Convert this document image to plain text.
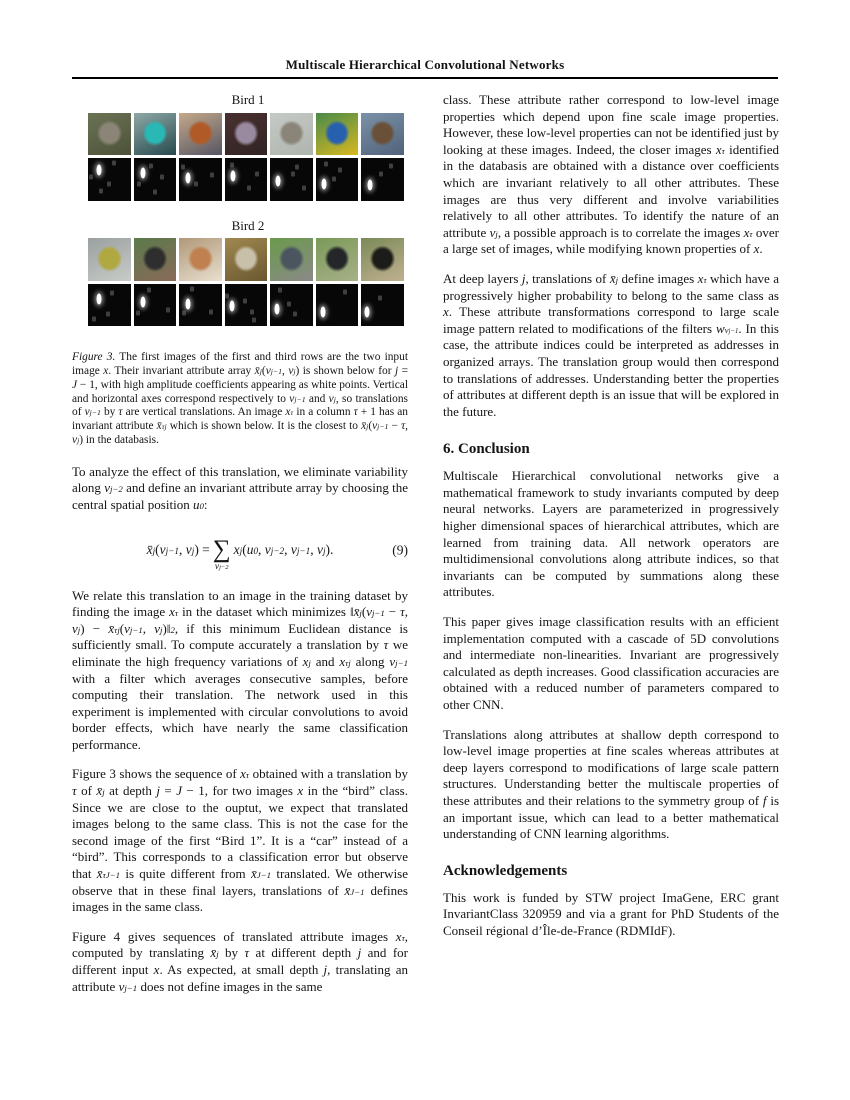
Multiscale Hierarchical Convolutional Networks
Bird 1
Bird 2

Figure 3. The first images of the first and third rows are the two input image x. Their invariant attribute array x̄j(vj−1, vj) is shown below for j = J − 1, with high amplitude coefficients appearing as white points. Vertical and horizontal axes correspond respectively to vj−1 and vj, so translations of vj−1 by τ are vertical translations. An image $x^\tau$ in a column τ + 1 has an invariant attribute x̄$^\tau$j which is shown below. It is the closest to x̄j(vj−1 − τ, vj) in the databasis.

To analyze the effect of this translation, we eliminate variability along vj−2 and define an invariant attribute array by choosing the central spatial position u0:

x̄j(vj−1, vj) = ∑
vj−2
xj(u0, vj−2, vj−1, vj).	(9)

We relate this translation to an image in the training dataset by finding the image $x^\tau$ in the dataset which minimizes ‖x̄j(vj−1 − τ, vj) − x̄$^\tau$j(vj−1, vj)‖2, if this minimum Euclidean distance is sufficiently small. To compute accurately a translation by τ we eliminate the high frequency variations of xj and $x^\tau j$ along vj−1 with a filter which averages consecutive samples, before computing their translation. The network used in this experiment is implemented with circular convolutions to avoid border effects, which have nearly the same classification performance.

Figure 3 shows the sequence of $x^\tau$ obtained with a translation by τ of x̄j at depth j = J − 1, for two images x in the “bird” class. Since we are close to the ouptut, we expect that translated images belong to the same class. This is not the case for the second image of the first “Bird 1”. It is a “car” instead of a “bird”. This corresponds to a classification error but observe that x̄$^\tau$J−1 is quite different from x̄J−1 translated. We otherwise observe that in these final layers, translations of x̄J−1 defines images in the same class.

Figure 4 gives sequences of translated attribute images $x^\tau$, computed by translating x̄j by τ at different depth j and for different input x. As expected, at small depth j, translating an attribute vj−1 does not define images in the same

class. These attribute rather correspond to low-level image properties which depend upon fine scale image properties. However, these low-level properties can not be identified just by looking at these images. Indeed, the closer images $x^\tau$ identified in the databasis are obtained with a distance over coefficients which are invariant relatively to all other attributes. These images are thus very different and involve variabilities relatively to all other attributes. To identify the nature of an attribute vj, a possible approach is to correlate the images $x^\tau$ over a large set of images, while modifying known properties of x.

At deep layers j, translations of x̄j define images $x^\tau$ which have a progressively higher probability to belong to the same class as x. These attribute transformations correspond to large scale image pattern related to modifications of the filters wvj−1. In this case, the attribute indices could be interpreted as addresses in organized arrays. The translation group would then correspond to translations of addresses. Understanding better the properties of attributes at different depth is an issue that will be explored in the future.

6. Conclusion

Multiscale Hierarchical convolutional networks give a mathematical framework to study invariants computed by deep neural networks. Layers are parameterized in progressively higher dimensional spaces of hierarchical attributes, which are learned from training data. All network operators are multidimensional convolutions along attribute indices, so that invariants can be computed by summations along these attributes.

This paper gives image classification results with an efficient implementation computed with a cascade of 5D convolutions and intermediate non-linearities. Invariant are progressively calculated as depth increases. Good classification accuracies are obtained with a reduced number of parameters compared to other CNN.

Translations along attributes at shallow depth correspond to low-level image properties at fine scales whereas attributes at deep layers correspond to modifications of large scale pattern structures. Understanding better the multiscale properties of these attributes and their relations to the symmetry group of f is an important issue, which can lead to a better mathematical understanding of CNN learning algorithms.

Acknowledgements

This work is funded by STW project ImaGene, ERC grant InvariantClass 320959 and via a grant for PhD Students of the Conseil régional d’Île-de-France (RDMIdF).
